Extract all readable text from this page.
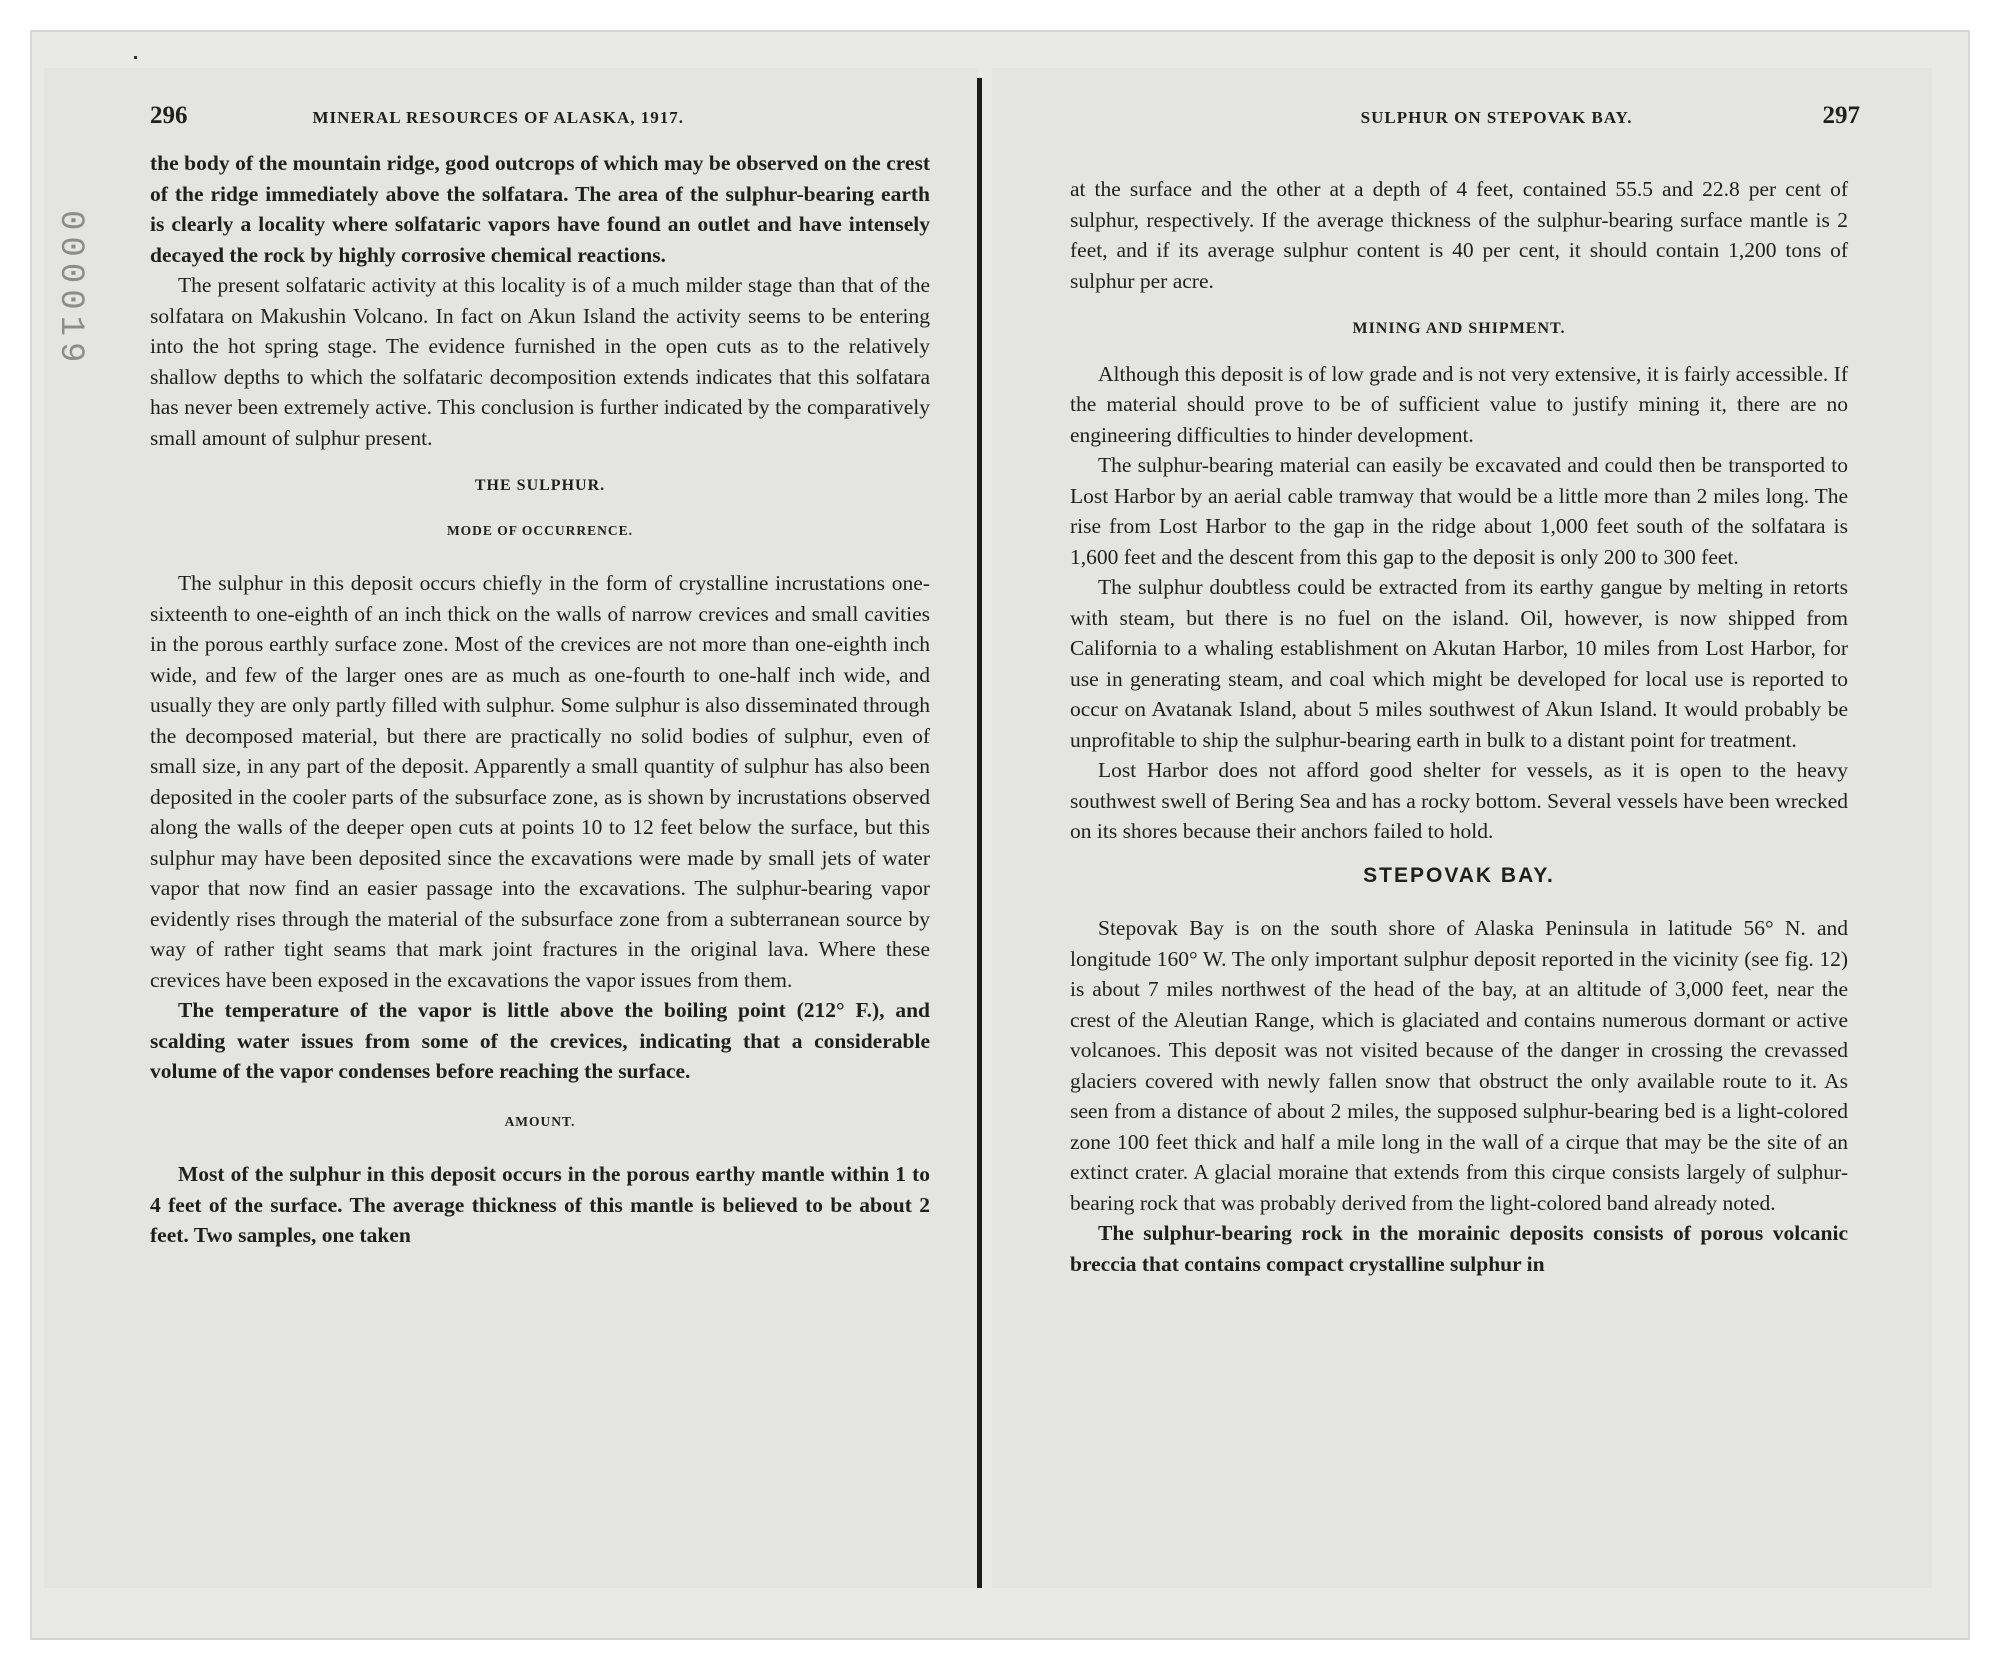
000019
296	MINERAL RESOURCES OF ALASKA, 1917.	SULPHUR ON STEPOVAK BAY.	297

the body of the mountain ridge, good outcrops of which may be observed on the crest of the ridge immediately above the solfatara. The area of the sulphur-bearing earth is clearly a locality where solfataric vapors have found an outlet and have intensely decayed the rock by highly corrosive chemical reactions.

The present solfataric activity at this locality is of a much milder stage than that of the solfatara on Makushin Volcano. In fact on Akun Island the activity seems to be entering into the hot spring stage. The evidence furnished in the open cuts as to the relatively shallow depths to which the solfataric decomposition extends indicates that this solfatara has never been extremely active. This conclusion is further indicated by the comparatively small amount of sulphur present.

THE SULPHUR.
MODE OF OCCURRENCE.

The sulphur in this deposit occurs chiefly in the form of crystalline incrustations one-sixteenth to one-eighth of an inch thick on the walls of narrow crevices and small cavities in the porous earthly surface zone. Most of the crevices are not more than one-eighth inch wide, and few of the larger ones are as much as one-fourth to one-half inch wide, and usually they are only partly filled with sulphur. Some sulphur is also disseminated through the decomposed material, but there are practically no solid bodies of sulphur, even of small size, in any part of the deposit. Apparently a small quantity of sulphur has also been deposited in the cooler parts of the subsurface zone, as is shown by incrustations observed along the walls of the deeper open cuts at points 10 to 12 feet below the surface, but this sulphur may have been deposited since the excavations were made by small jets of water vapor that now find an easier passage into the excavations. The sulphur-bearing vapor evidently rises through the material of the subsurface zone from a subterranean source by way of rather tight seams that mark joint fractures in the original lava. Where these crevices have been exposed in the excavations the vapor issues from them.

The temperature of the vapor is little above the boiling point (212° F.), and scalding water issues from some of the crevices, indicating that a considerable volume of the vapor condenses before reaching the surface.

AMOUNT.

Most of the sulphur in this deposit occurs in the porous earthy mantle within 1 to 4 feet of the surface. The average thickness of this mantle is believed to be about 2 feet. Two samples, one taken

at the surface and the other at a depth of 4 feet, contained 55.5 and 22.8 per cent of sulphur, respectively. If the average thickness of the sulphur-bearing surface mantle is 2 feet, and if its average sulphur content is 40 per cent, it should contain 1,200 tons of sulphur per acre.

MINING AND SHIPMENT.

Although this deposit is of low grade and is not very extensive, it is fairly accessible. If the material should prove to be of sufficient value to justify mining it, there are no engineering difficulties to hinder development.

The sulphur-bearing material can easily be excavated and could then be transported to Lost Harbor by an aerial cable tramway that would be a little more than 2 miles long. The rise from Lost Harbor to the gap in the ridge about 1,000 feet south of the solfatara is 1,600 feet and the descent from this gap to the deposit is only 200 to 300 feet.

The sulphur doubtless could be extracted from its earthy gangue by melting in retorts with steam, but there is no fuel on the island. Oil, however, is now shipped from California to a whaling establishment on Akutan Harbor, 10 miles from Lost Harbor, for use in generating steam, and coal which might be developed for local use is reported to occur on Avatanak Island, about 5 miles southwest of Akun Island. It would probably be unprofitable to ship the sulphur-bearing earth in bulk to a distant point for treatment.

Lost Harbor does not afford good shelter for vessels, as it is open to the heavy southwest swell of Bering Sea and has a rocky bottom. Several vessels have been wrecked on its shores because their anchors failed to hold.

STEPOVAK BAY.

Stepovak Bay is on the south shore of Alaska Peninsula in latitude 56° N. and longitude 160° W. The only important sulphur deposit reported in the vicinity (see fig. 12) is about 7 miles northwest of the head of the bay, at an altitude of 3,000 feet, near the crest of the Aleutian Range, which is glaciated and contains numerous dormant or active volcanoes. This deposit was not visited because of the danger in crossing the crevassed glaciers covered with newly fallen snow that obstruct the only available route to it. As seen from a distance of about 2 miles, the supposed sulphur-bearing bed is a light-colored zone 100 feet thick and half a mile long in the wall of a cirque that may be the site of an extinct crater. A glacial moraine that extends from this cirque consists largely of sulphur-bearing rock that was probably derived from the light-colored band already noted.

The sulphur-bearing rock in the morainic deposits consists of porous volcanic breccia that contains compact crystalline sulphur in
